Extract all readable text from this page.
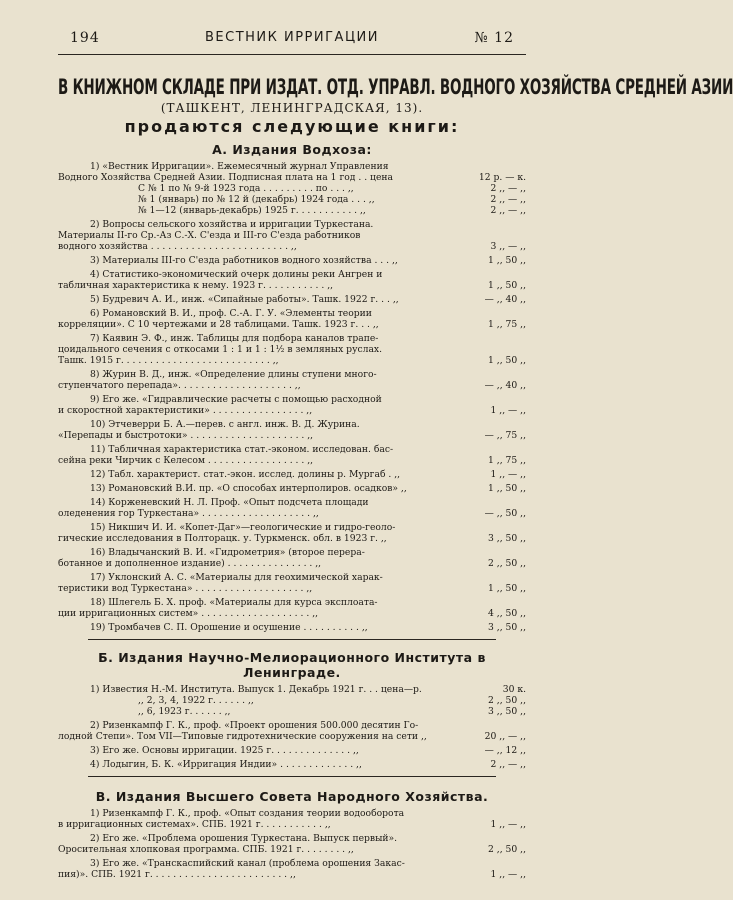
194	ВЕСТНИК ИРРИГАЦИИ	№ 12
В КНИЖНОМ СКЛАДЕ ПРИ ИЗДАТ. ОТД. УПРАВЛ. ВОДНОГО ХОЗЯЙСТВА СРЕДНЕЙ АЗИИ
(ТАШКЕНТ, ЛЕНИНГРАДСКАЯ, 13).
продаются следующие книги:
А. Издания Водхоза:
1) «Вестник Ирригации». Ежемесячный журнал Управления
Водного Хозяйства Средней Азии. Подписная плата на 1 год . . цена	12 р. — к.
С № 1 по № 9-й 1923 года . . . . . . . . . по . . . ,,	2 ,, — ,,
№ 1 (январь) по № 12 й (декабрь) 1924 года . . . ,,	2 ,, — ,,
№ 1—12 (январь-декабрь) 1925 г. . . . . . . . . . . ,,	2 ,, — ,,
2) Вопросы сельского хозяйства и ирригации Туркестана.
Материалы II-го Ср.-Аз С.-Х. С'езда и III-го С'езда работников
водного хозяйства . . . . . . . . . . . . . . . . . . . . . . . . ,,	3 ,, — ,,
3) Материалы III-го С'езда работников водного хозяйства . . . ,,	1 ,, 50 ,,
4) Статистико-экономический очерк долины реки Ангрен и
табличная характеристика к нему. 1923 г. . . . . . . . . . . ,,	1 ,, 50 ,,
5) Будревич А. И., инж. «Сипайные работы». Ташк. 1922 г. . . ,,	— ,, 40 ,,
6) Романовский В. И., проф. С.-А. Г. У. «Элементы теории
корреляции». С 10 чертежами и 28 таблицами. Ташк. 1923 г. . . ,,	1 ,, 75 ,,
7) Каявин Э. Ф., инж. Таблицы для подбора каналов трапе-
цоидального сечения с откосами 1 : 1 и 1 : 1½ в земляных руслах.
Ташк. 1915 г. . . . . . . . . . . . . . . . . . . . . . . . . . ,,	1 ,, 50 ,,
8) Журин В. Д., инж. «Определение длины ступени много-
ступенчатого перепада». . . . . . . . . . . . . . . . . . . . ,,	— ,, 40 ,,
9) Его же. «Гидравлические расчеты с помощью расходной
и скоростной характеристики» . . . . . . . . . . . . . . . . ,,	1 ,, — ,,
10) Этчеверри Б. А.—перев. с англ. инж. В. Д. Журина.
«Перепады и быстротоки» . . . . . . . . . . . . . . . . . . . . ,,	— ,, 75 ,,
11) Табличная характеристика стат.-эконом. исследован. бас-
сейна реки Чирчик с Келесом . . . . . . . . . . . . . . . . . ,,	1 ,, 75 ,,
12) Табл. характерист. стат.-экон. исслед. долины р. Мургаб . ,,	1 ,, — ,,
13) Романовский В.И. пр. «О способах интерполиров. осадков» ,,	1 ,, 50 ,,
14) Корженевский Н. Л. Проф. «Опыт подсчета площади
оледенения гор Туркестана» . . . . . . . . . . . . . . . . . . . ,,	— ,, 50 ,,
15) Никшич И. И. «Копет-Даг»—геологические и гидро-геоло-
гические исследования в Полторацк. у. Туркменск. обл. в 1923 г. ,,	3 ,, 50 ,,
16) Владычанский В. И. «Гидрометрия» (второе перера-
ботанное и дополненное издание) . . . . . . . . . . . . . . . ,,	2 ,, 50 ,,
17) Уклонский А. С. «Материалы для геохимической харак-
теристики вод Туркестана» . . . . . . . . . . . . . . . . . . . ,,	1 ,, 50 ,,
18) Шлегель Б. Х. проф. «Материалы для курса эксплоата-
ции ирригационных систем» . . . . . . . . . . . . . . . . . . . ,,	4 ,, 50 ,,
19) Тромбачев С. П. Орошение и осушение . . . . . . . . . . ,,	3 ,, 50 ,,
Б. Издания Научно-Мелиорационного Института в Ленинграде.
1) Известия Н.-М. Института. Выпуск 1. Декабрь 1921 г. . . цена—р.	30 к.
,, 2, 3, 4, 1922 г. . . . . . ,,	2 ,, 50 ,,
,, 6, 1923 г. . . . . . ,,	3 ,, 50 ,,
2) Ризенкампф Г. К., проф. «Проект орошения 500.000 десятин Го-
лодной Степи». Том VII—Типовые гидротехнические сооружения на сети ,,	20 ,, — ,,
3) Его же. Основы ирригации. 1925 г. . . . . . . . . . . . . . ,,	— ,, 12 ,,
4) Лодыгин, Б. К. «Ирригация Индии» . . . . . . . . . . . . . ,,	2 ,, — ,,
В. Издания Высшего Совета Народного Хозяйства.
1) Ризенкампф Г. К., проф. «Опыт создания теории водооборота
в ирригационных системах». СПБ. 1921 г. . . . . . . . . . . ,,	1 ,, — ,,
2) Его же. «Проблема орошения Туркестана. Выпуск первый».
Оросительная хлопковая программа. СПБ. 1921 г. . . . . . . . ,,	2 ,, 50 ,,
3) Его же. «Транскаспийский канал (проблема орошения Закас-
пия)». СПБ. 1921 г. . . . . . . . . . . . . . . . . . . . . . . . ,,	1 ,, — ,,
